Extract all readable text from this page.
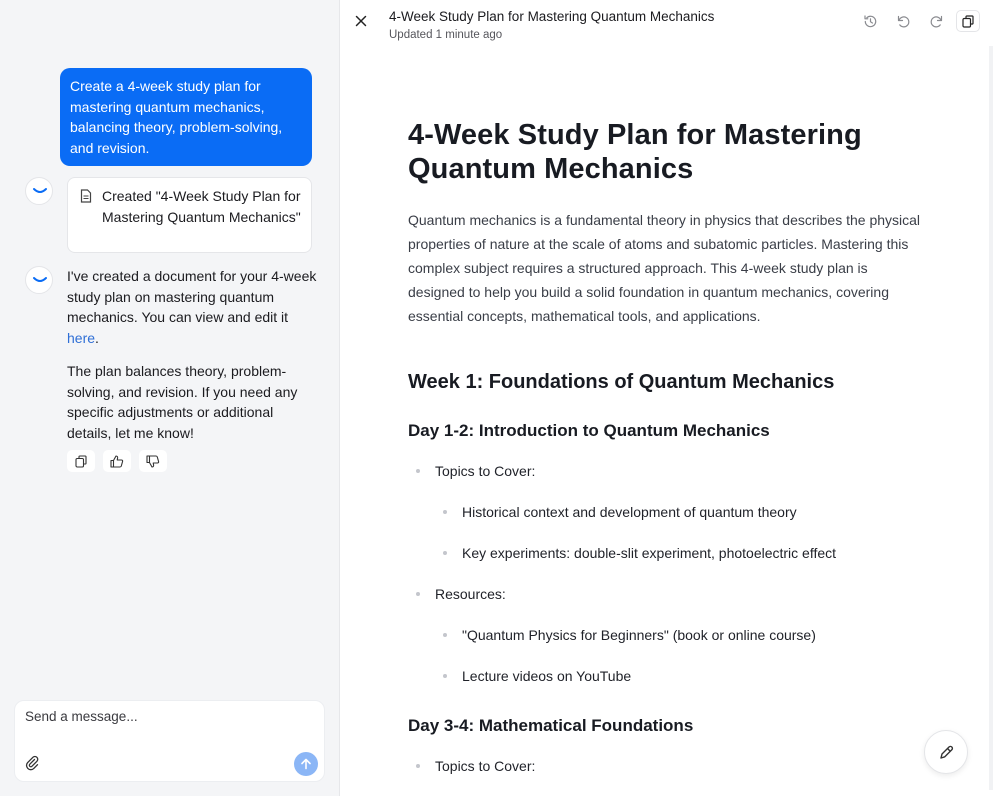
Create a 4-week study plan for mastering quantum mechanics, balancing theory, problem-solving, and revision.
Created "4-Week Study Plan for Mastering Quantum Mechanics"

I've created a document for your 4-week study plan on mastering quantum mechanics. You can view and edit it here.

The plan balances theory, problem-solving, and revision. If you need any specific adjustments or additional details, let me know!

Send a message...
4-Week Study Plan for Mastering Quantum Mechanics
Updated 1 minute ago
4-Week Study Plan for Mastering Quantum Mechanics

Quantum mechanics is a fundamental theory in physics that describes the physical properties of nature at the scale of atoms and subatomic particles. Mastering this complex subject requires a structured approach. This 4-week study plan is designed to help you build a solid foundation in quantum mechanics, covering essential concepts, mathematical tools, and applications.

Week 1: Foundations of Quantum Mechanics
Day 1-2: Introduction to Quantum Mechanics
Topics to Cover:
Historical context and development of quantum theory
Key experiments: double-slit experiment, photoelectric effect
Resources:
"Quantum Physics for Beginners" (book or online course)
Lecture videos on YouTube
Day 3-4: Mathematical Foundations
Topics to Cover:
